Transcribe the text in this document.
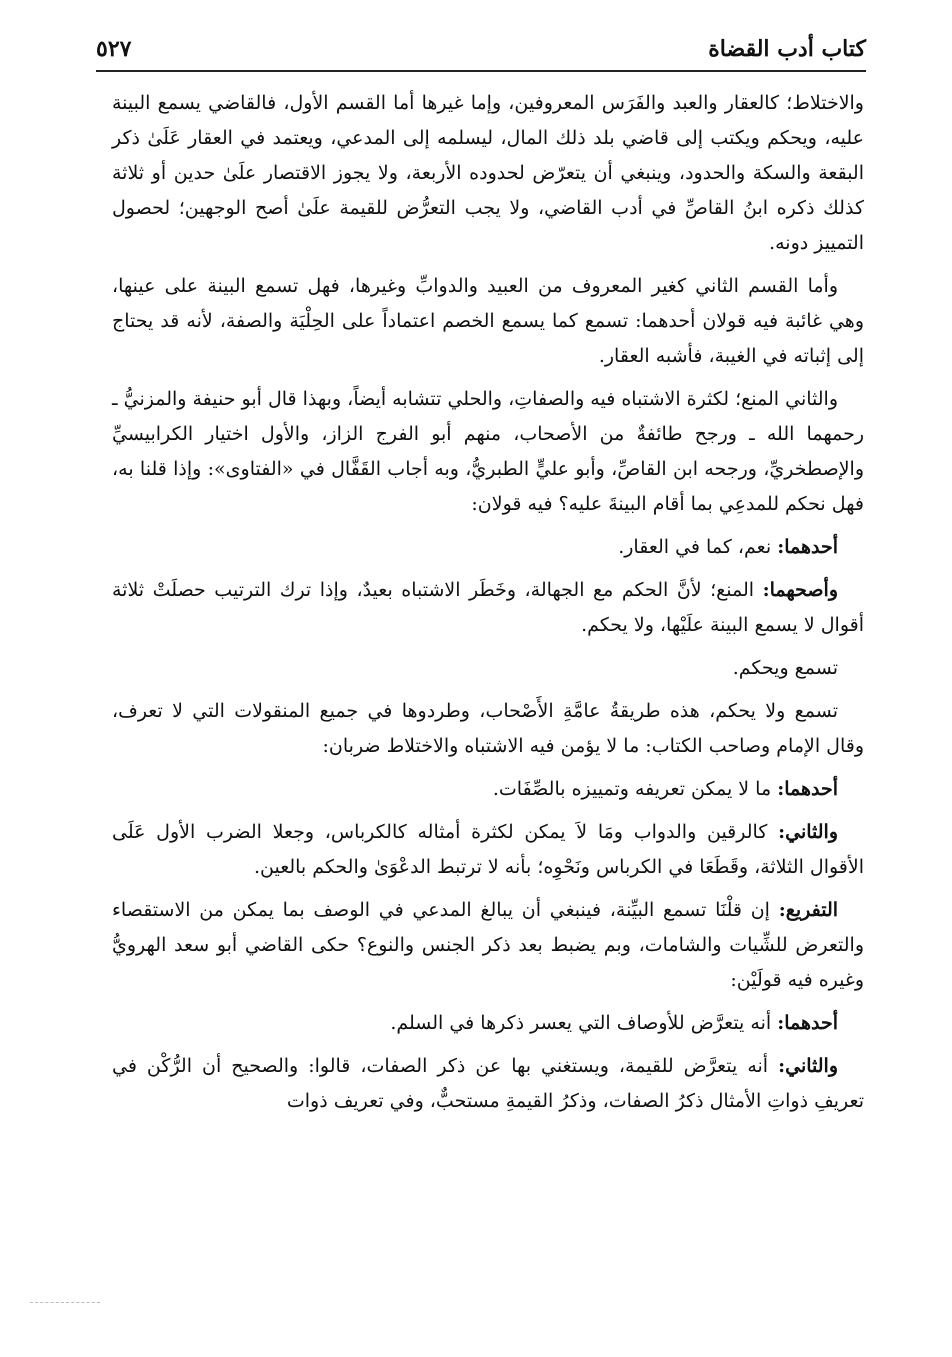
كتاب أدب القضاة
٥٢٧

والاختلاط؛ كالعقار والعبد والفَرَس المعروفين، وإما غيرها أما القسم الأول، فالقاضي يسمع البينة عليه، ويحكم ويكتب إلى قاضي بلد ذلك المال، ليسلمه إلى المدعي، ويعتمد في العقار عَلَىٰ ذكر البقعة والسكة والحدود، وينبغي أن يتعرّض لحدوده الأربعة، ولا يجوز الاقتصار علَىٰ حدين أو ثلاثة كذلك ذكره ابنُ القاصِّ في أدب القاضي، ولا يجب التعرُّض للقيمة علَىٰ أصح الوجهين؛ لحصول التمييز دونه.

وأما القسم الثاني كغير المعروف من العبيد والدوابِّ وغيرها، فهل تسمع البينة على عينها، وهي غائبة فيه قولان أحدهما: تسمع كما يسمع الخصم اعتماداً على الحِلْيَة والصفة، لأنه قد يحتاج إلى إثباته في الغيبة، فأشبه العقار.

والثاني المنع؛ لكثرة الاشتباه فيه والصفاتِ، والحلي تتشابه أيضاً، وبهذا قال أبو حنيفة والمزنيُّ ـ رحمهما الله ـ ورجح طائفةٌ من الأصحاب، منهم أبو الفرج الزاز، والأول اختيار الكرابيسيِّ والإصطخريِّ، ورجحه ابن القاصِّ، وأبو عليٍّ الطبريُّ، وبه أجاب القَفَّال في «الفتاوى»: وإذا قلنا به، فهل نحكم للمدعِي بما أقام البينةَ عليه؟ فيه قولان:

أحدهما: نعم، كما في العقار.

وأصحهما: المنع؛ لأنَّ الحكم مع الجهالة، وخَطَر الاشتباه بعيدٌ، وإذا ترك الترتيب حصلَتْ ثلاثة أقوال لا يسمع البينة علَيْها، ولا يحكم.

تسمع ويحكم.

تسمع ولا يحكم، هذه طريقةُ عامَّةِ الأَصْحاب، وطردوها في جميع المنقولات التي لا تعرف، وقال الإمام وصاحب الكتاب: ما لا يؤمن فيه الاشتباه والاختلاط ضربان:

أحدهما: ما لا يمكن تعريفه وتمييزه بالصِّفَات.

والثاني: كالرقين والدواب ومَا لاَ يمكن لكثرة أمثاله كالكرباس، وجعلا الضرب الأول عَلَى الأقوال الثلاثة، وقَطَعَا في الكرباس ونَحْوِه؛ بأنه لا ترتبط الدعْوَىٰ والحكم بالعين.

التفريع: إن قلْنَا تسمع البيِّنة، فينبغي أن يبالغ المدعي في الوصف بما يمكن من الاستقصاء والتعرض للشِّيات والشامات، وبم يضبط بعد ذكر الجنس والنوع؟ حكى القاضي أبو سعد الهرويُّ وغيره فيه قولَيْن:

أحدهما: أنه يتعرَّض للأوصاف التي يعسر ذكرها في السلم.

والثاني: أنه يتعرَّض للقيمة، ويستغني بها عن ذكر الصفات، قالوا: والصحيح أن الرُّكْن في تعريفِ ذواتِ الأمثال ذكرُ الصفات، وذكرُ القيمةِ مستحبٌّ، وفي تعريف ذوات
